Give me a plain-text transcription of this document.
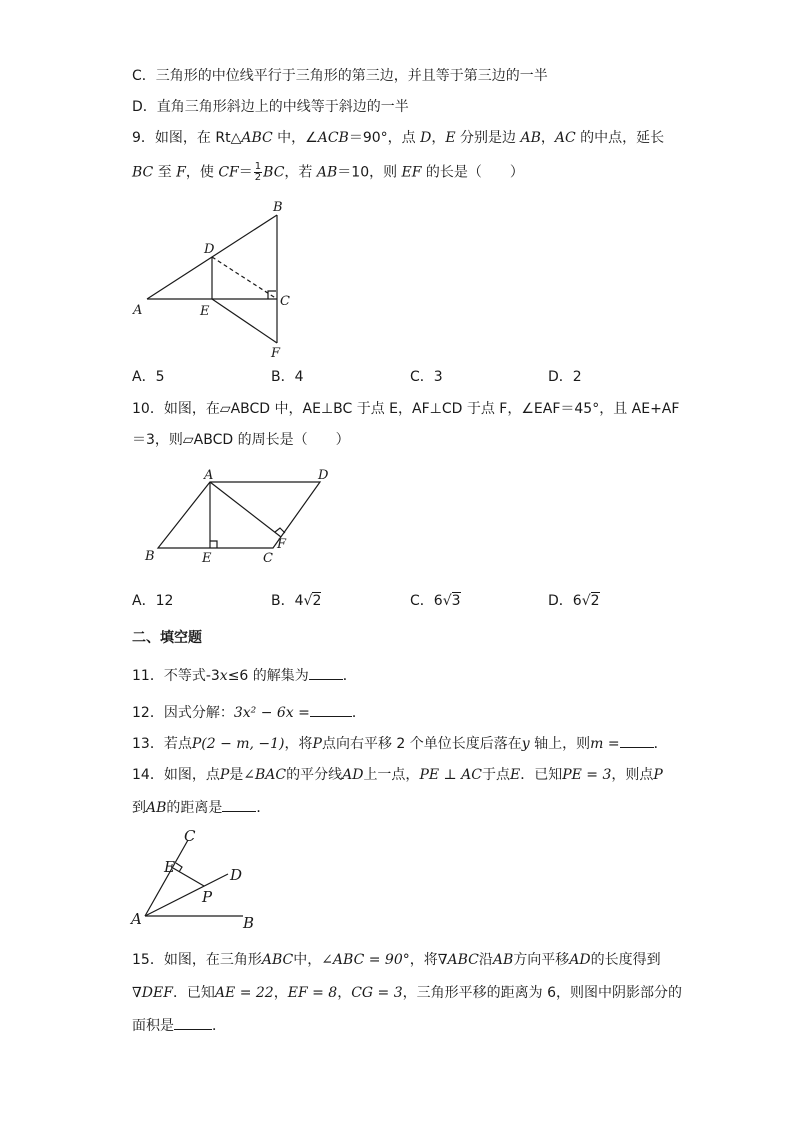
C．三角形的中位线平行于三角形的第三边，并且等于第三边的一半
D．直角三角形斜边上的中线等于斜边的一半
9．如图，在 Rt△ABC 中，∠ACB＝90°，点 D，E 分别是边 AB，AC 的中点，延长
BC 至 F，使 $CF= \frac{1}{2}$ BC，若 AB＝10，则 EF 的长是（　　）
A
B
C
D
E
F
A．5	B．4	C．3	D．2
10．如图，在▱ABCD 中，AE⊥BC 于点 E，AF⊥CD 于点 F，∠EAF＝45°，且 AE+AF
＝3，则▱ABCD 的周长是（　　）
A	D
B	E	C
F
A．12	B．4√2	C．6√3	D．6√2
二、填空题
11．不等式-3x≤6 的解集为 ．
12．因式分解：3x² − 6x =	．
13．若点P(2 − m, −1)，将P点向右平移 2 个单位长度后落在y 轴上，则m = ．
14．如图，点P是∠BAC的平分线AD上一点，PE ⊥ AC于点E．已知PE = 3，则点P
到AB的距离是 ．
C
E	D
P
A	B
15．如图，在三角形ABC中，∠ABC = 90°，将∇ABC沿AB方向平移AD的长度得到
∇DEF．已知AE = 22，EF = 8，CG = 3，三角形平移的距离为 6，则图中阴影部分的
面积是	．
